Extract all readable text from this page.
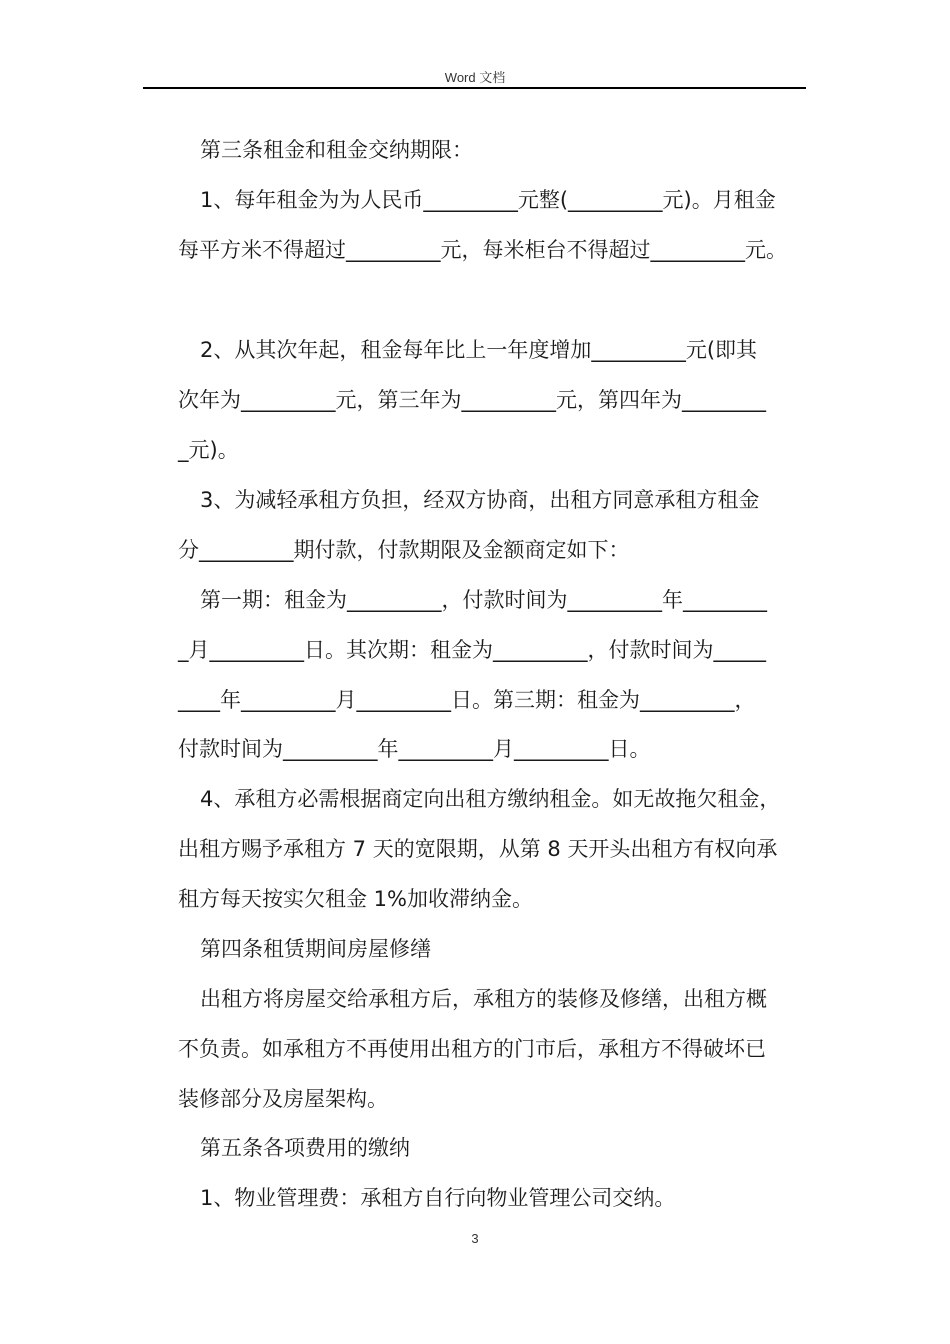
Word 文档
第三条租金和租金交纳期限：
1、每年租金为为人民币_________元整(_________元)。月租金
每平方米不得超过_________元，每米柜台不得超过_________元。
2、从其次年起，租金每年比上一年度增加_________元(即其
次年为_________元，第三年为_________元，第四年为________
_元)。
3、为减轻承租方负担，经双方协商，出租方同意承租方租金
分_________期付款，付款期限及金额商定如下：
第一期：租金为_________，付款时间为_________年________
_月_________日。其次期：租金为_________，付款时间为_____
____年_________月_________日。第三期：租金为_________，
付款时间为_________年_________月_________日。
4、承租方必需根据商定向出租方缴纳租金。如无故拖欠租金，
出租方赐予承租方 7 天的宽限期，从第 8 天开头出租方有权向承
租方每天按实欠租金 1%加收滞纳金。
第四条租赁期间房屋修缮
出租方将房屋交给承租方后，承租方的装修及修缮，出租方概
不负责。如承租方不再使用出租方的门市后，承租方不得破坏已
装修部分及房屋架构。
第五条各项费用的缴纳
1、物业管理费：承租方自行向物业管理公司交纳。
3
